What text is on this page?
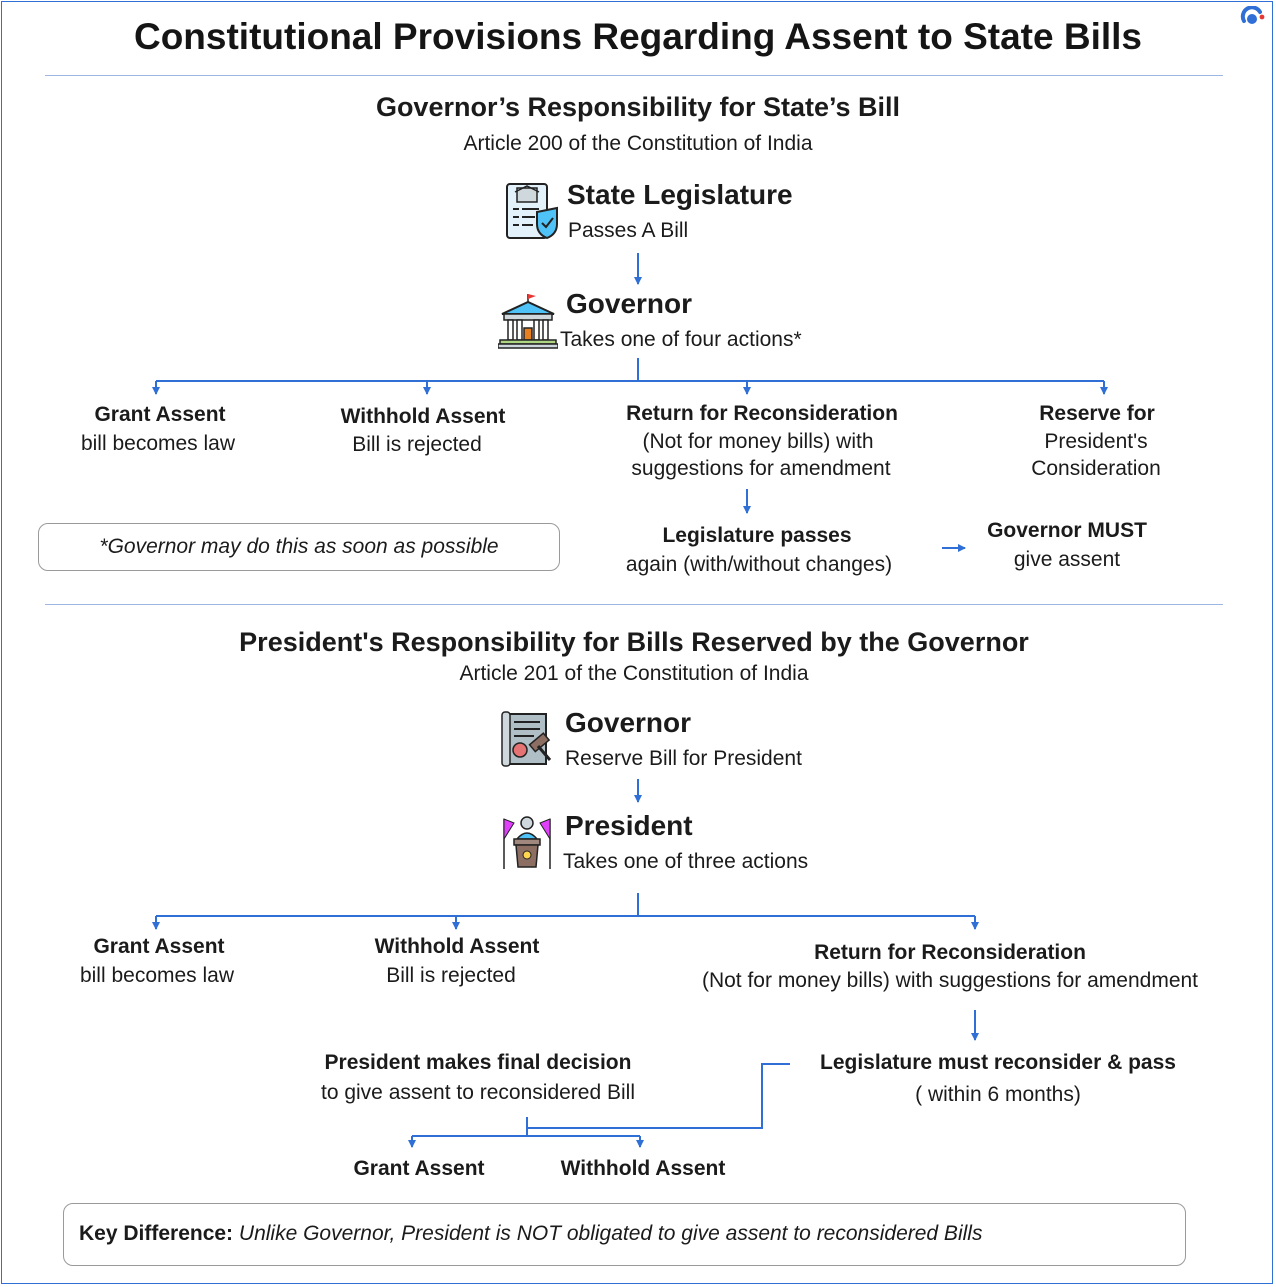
Constitutional Provisions Regarding Assent to State Bills
Governor’s Responsibility for State’s Bill
Article 200 of the Constitution of India
State Legislature
Passes A Bill
Governor
Takes one of four actions*
Grant Assent
bill becomes law
Withhold Assent
Bill is rejected
Return for Reconsideration
(Not for money bills) with
suggestions for amendment
Reserve for
President's
Consideration
*Governor may do this as soon as possible	Legislature passes
again (with/without changes)
Governor MUST
give assent
President's Responsibility for Bills Reserved by the Governor
Article 201 of the Constitution of India
Governor
Reserve Bill for President
President
Takes one of three actions
Grant Assent
bill becomes law
Withhold Assent
Bill is rejected
Return for Reconsideration
(Not for money bills) with suggestions for amendment
Legislature must reconsider & pass
( within 6 months)
President makes final decision
to give assent to reconsidered Bill
Grant Assent	Withhold Assent
Key Difference: Unlike Governor, President is NOT obligated to give assent to reconsidered Bills
